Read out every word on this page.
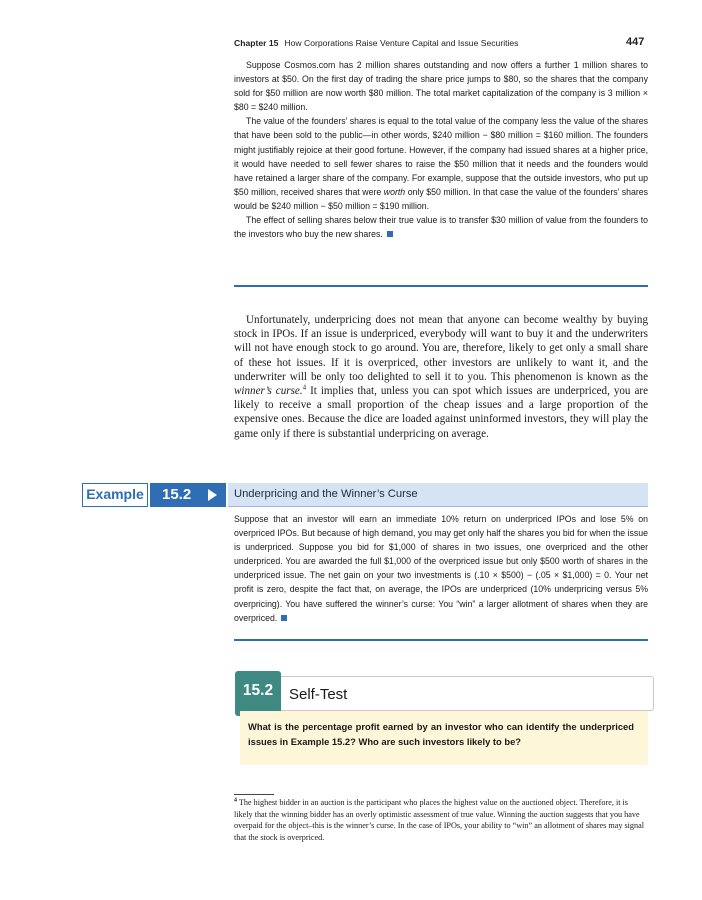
Chapter 15 How Corporations Raise Venture Capital and Issue Securities	447

Suppose Cosmos.com has 2 million shares outstanding and now offers a further 1 million shares to investors at $50. On the first day of trading the share price jumps to $80, so the shares that the company sold for $50 million are now worth $80 million. The total market capitalization of the company is 3 million × $80 = $240 million.

The value of the founders’ shares is equal to the total value of the company less the value of the shares that have been sold to the public—in other words, $240 million − $80 million = $160 million. The founders might justifiably rejoice at their good fortune. However, if the company had issued shares at a higher price, it would have needed to sell fewer shares to raise the $50 million that it needs and the founders would have retained a larger share of the company. For example, suppose that the outside investors, who put up $50 million, received shares that were worth only $50 million. In that case the value of the founders’ shares would be $240 million − $50 million = $190 million.

The effect of selling shares below their true value is to transfer $30 million of value from the founders to the investors who buy the new shares.

Unfortunately, underpricing does not mean that anyone can become wealthy by buying stock in IPOs. If an issue is underpriced, everybody will want to buy it and the underwriters will not have enough stock to go around. You are, therefore, likely to get only a small share of these hot issues. If it is overpriced, other investors are unlikely to want it, and the underwriter will be only too delighted to sell it to you. This phenomenon is known as the winner’s curse.$^4$ It implies that, unless you can spot which issues are underpriced, you are likely to receive a small proportion of the cheap issues and a large proportion of the expensive ones. Because the dice are loaded against uninformed investors, they will play the game only if there is substantial underpricing on average.

Example	15.2	Underpricing and the Winner’s Curse

Suppose that an investor will earn an immediate 10% return on underpriced IPOs and lose 5% on overpriced IPOs. But because of high demand, you may get only half the shares you bid for when the issue is underpriced. Suppose you bid for $1,000 of shares in two issues, one overpriced and the other underpriced. You are awarded the full $1,000 of the overpriced issue but only $500 worth of shares in the underpriced issue. The net gain on your two investments is (.10 × $500) − (.05 × $1,000) = 0. Your net profit is zero, despite the fact that, on average, the IPOs are underpriced (10% underpricing versus 5% overpricing). You have suffered the winner’s curse: You “win” a larger allotment of shares when they are overpriced.

15.2	Self-Test
What is the percentage profit earned by an investor who can identify the underpriced issues in Example 15.2? Who are such investors likely to be?

$^4$ The highest bidder in an auction is the participant who places the highest value on the auctioned object. Therefore, it is likely that the winning bidder has an overly optimistic assessment of true value. Winning the auction suggests that you have overpaid for the object–this is the winner’s curse. In the case of IPOs, your ability to “win” an allotment of shares may signal that the stock is overpriced.
